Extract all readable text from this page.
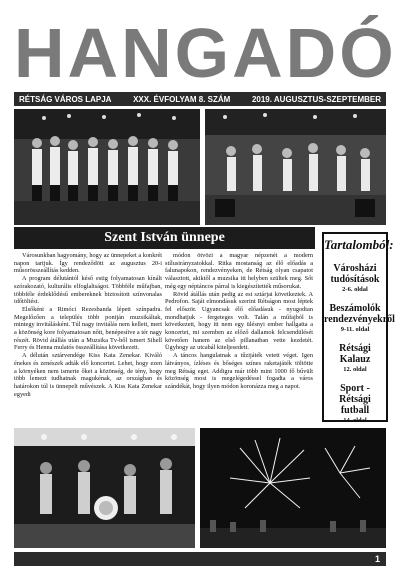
HANGADÓ
RÉTSÁG VÁROS LAPJA	XXX. ÉVFOLYAM 8. SZÁM	2019. AUGUSZTUS-SZEPTEMBER
Szent István ünnepe

Városunkban hagyomány, hogy az ünnepeket a konkrét napon tartjuk. Így rendeződött az augusztus 20-i műsorösszeállítás kedden.

A program délutántól késő estig folyamatosan kínált szórakozató, kulturális elfoglaltságot. Többféle műfajban, többféle érdeklődésű embereknek biztosított színvonalas időtöltést.

Elsőként a Rimóci Rezesbanda lépett színpadra. Megelőzően a település több pontján muzsikáltak, mintegy invitálásként. Túl nagy invitálás nem kellett, mert a közönség kore folyamatosan nőtt, benépesítve a tér nagy részét. Rövid átállás után a Muzsika Tv-ből ismert Sihell Ferry és Henna mulatós összeállítása következett.

A délután sztárvendége Kiss Kata Zenekar. Kiváló énekes és zenészek adták elő koncertet. Lehet, hogy ezen a környéken nem ismerte őket a közönség, de tény, hogy több lemezt tudhatnak magukénak, az országban és határokon túl is ünnepelt művészek. A Kiss Kata Zenekar egyedi

módon ötvözi a magyar népzenét a modern stílusirányzatokkal. Ritka mostanság az élő előadás a falunapokon, rendezvényeken, de Rétság olyan csapatot választott, akiktől a muzsika itt helyben szültek meg. Sőt még egy néptáncos párral is kiegészítették műsorukat.

Rövid átállás után pedig az est sztárjai következtek. A Pedrofon. Saját elmondásuk szerint Rétságon most léptek fel először. Ugyancsak élő előadásuk - nyugodtan mondhatjuk - fergeteges volt. Talán a műfajból is következett, hogy itt nem egy ülésnyi ember hallgatta a koncertet, mi szemben az előző dallamok felcsendülését követően hanem az első pillanatban vette kezdetét. Ügyhogy az utcabál kiteljesedett.

A táncos hangulatnak a tűzijáték vetett véget. Igen látványos, ízléses és bőséges színes raketajáték töltötte meg Rétság eget. Addigra már több mint 1000 fő bűvült közönség most is megelégedéssel fogadta a város szándékát, hogy ilyen módon koronázza meg a napot.

Tartalomból:
Városházi tudósítások
2-6. oldal
Beszámolók rendezvényekről
9-11. oldal
Rétsági Kalauz
12. oldal
Sport - Rétsági futball
14. oldal
1
